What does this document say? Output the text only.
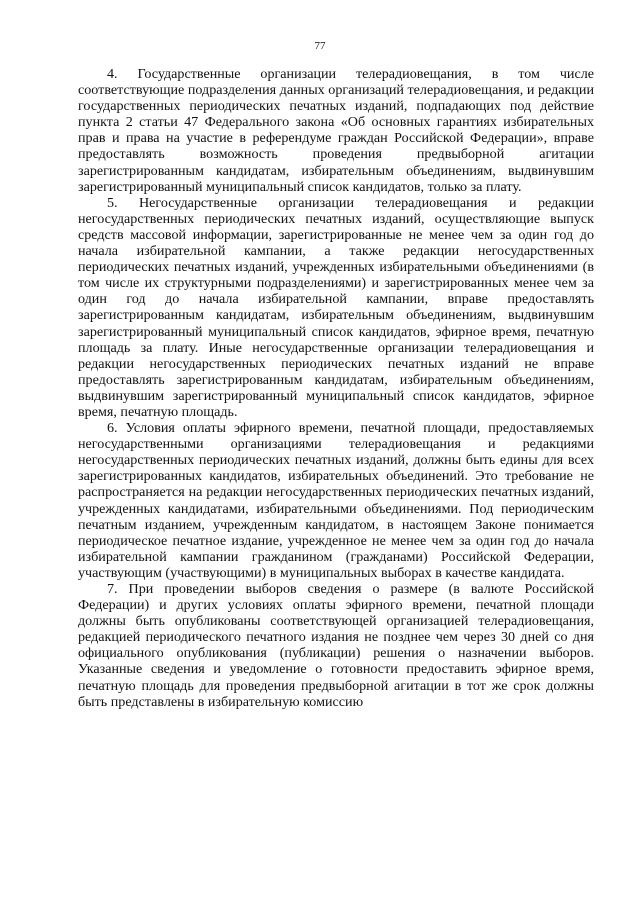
77

4. Государственные организации телерадиовещания, в том числе соответствующие подразделения данных организаций телерадиовещания, и редакции государственных периодических печатных изданий, подпадающих под действие пункта 2 статьи 47 Федерального закона «Об основных гарантиях избирательных прав и права на участие в референдуме граждан Российской Федерации», вправе предоставлять возможность проведения предвыборной агитации зарегистрированным кандидатам, избирательным объединениям, выдвинувшим зарегистрированный муниципальный список кандидатов, только за плату.

5. Негосударственные организации телерадиовещания и редакции негосударственных периодических печатных изданий, осуществляющие выпуск средств массовой информации, зарегистрированные не менее чем за один год до начала избирательной кампании, а также редакции негосударственных периодических печатных изданий, учрежденных избирательными объединениями (в том числе их структурными подразделениями) и зарегистрированных менее чем за один год до начала избирательной кампании, вправе предоставлять зарегистрированным кандидатам, избирательным объединениям, выдвинувшим зарегистрированный муниципальный список кандидатов, эфирное время, печатную площадь за плату. Иные негосударственные организации телерадиовещания и редакции негосударственных периодических печатных изданий не вправе предоставлять зарегистрированным кандидатам, избирательным объединениям, выдвинувшим зарегистрированный муниципальный список кандидатов, эфирное время, печатную площадь.

6. Условия оплаты эфирного времени, печатной площади, предоставляемых негосударственными организациями телерадиовещания и редакциями негосударственных периодических печатных изданий, должны быть едины для всех зарегистрированных кандидатов, избирательных объединений. Это требование не распространяется на редакции негосударственных периодических печатных изданий, учрежденных кандидатами, избирательными объединениями. Под периодическим печатным изданием, учрежденным кандидатом, в настоящем Законе понимается периодическое печатное издание, учрежденное не менее чем за один год до начала избирательной кампании гражданином (гражданами) Российской Федерации, участвующим (участвующими) в муниципальных выборах в качестве кандидата.

7. При проведении выборов сведения о размере (в валюте Российской Федерации) и других условиях оплаты эфирного времени, печатной площади должны быть опубликованы соответствующей организацией телерадиовещания, редакцией периодического печатного издания не позднее чем через 30 дней со дня официального опубликования (публикации) решения о назначении выборов. Указанные сведения и уведомление о готовности предоставить эфирное время, печатную площадь для проведения предвыборной агитации в тот же срок должны быть представлены в избирательную комиссию
